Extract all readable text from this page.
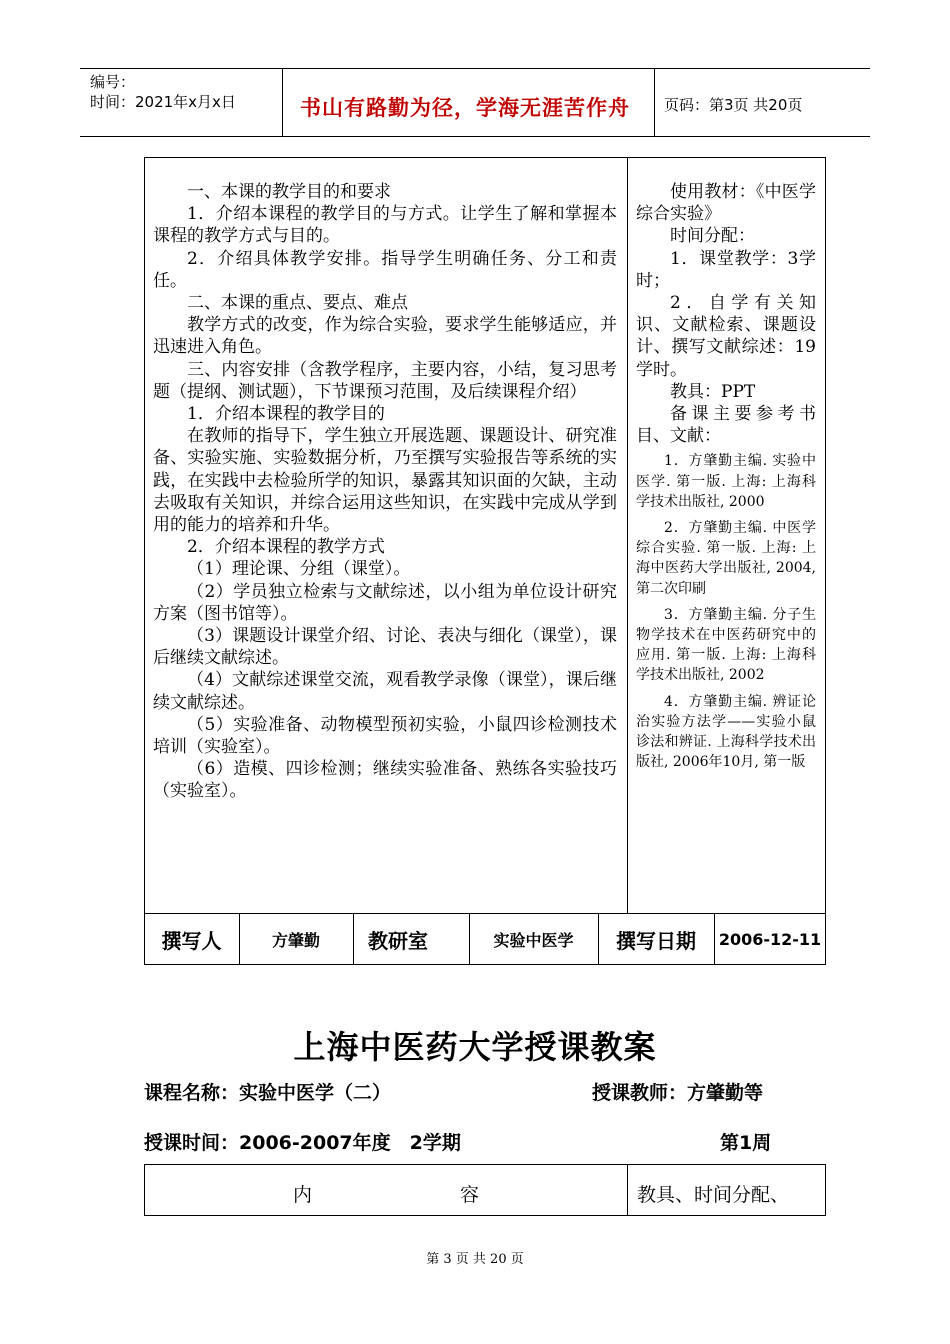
编号：
时间：2021年x月x日	书山有路勤为径，学海无涯苦作舟 页码：第3页 共20页

一、本课的教学目的和要求

1．介绍本课程的教学目的与方式。让学生了解和掌握本课程的教学方式与目的。

2．介绍具体教学安排。指导学生明确任务、分工和责任。

二、本课的重点、要点、难点

教学方式的改变，作为综合实验，要求学生能够适应，并迅速进入角色。

三、内容安排（含教学程序，主要内容，小结，复习思考题（提纲、测试题），下节课预习范围，及后续课程介绍）

1．介绍本课程的教学目的

在教师的指导下，学生独立开展选题、课题设计、研究准备、实验实施、实验数据分析，乃至撰写实验报告等系统的实践，在实践中去检验所学的知识，暴露其知识面的欠缺，主动去吸取有关知识，并综合运用这些知识，在实践中完成从学到用的能力的培养和升华。

2．介绍本课程的教学方式

（1）理论课、分组（课堂）。

（2）学员独立检索与文献综述，以小组为单位设计研究方案（图书馆等）。

（3）课题设计课堂介绍、讨论、表决与细化（课堂），课后继续文献综述。

（4）文献综述课堂交流，观看教学录像（课堂），课后继续文献综述。

（5）实验准备、动物模型预初实验，小鼠四诊检测技术培训（实验室）。

（6）造模、四诊检测；继续实验准备、熟练各实验技巧（实验室）。

使用教材：《中医学综合实验》

时间分配：

1．课堂教学：3学时；

2．自学有关知识、文献检索、课题设计、撰写文献综述：19学时。

教具：PPT

备课主要参考书目、文献：

1．方肇勤主编. 实验中医学. 第一版. 上海: 上海科学技术出版社, 2000

2．方肇勤主编. 中医学综合实验. 第一版. 上海: 上海中医药大学出版社, 2004, 第二次印刷

3．方肇勤主编. 分子生物学技术在中医药研究中的应用. 第一版. 上海: 上海科学技术出版社, 2002

4．方肇勤主编. 辨证论治实验方法学——实验小鼠诊法和辨证. 上海科学技术出版社, 2006年10月, 第一版

撰写人	方肇勤	教研室	实验中医学	撰写日期	2006-12-11
上海中医药大学授课教案
课程名称：实验中医学（二）	授课教师：方肇勤等
授课时间：2006-2007年度　2学期	第1周
内	容	教具、时间分配、
第 3 页 共 20 页
